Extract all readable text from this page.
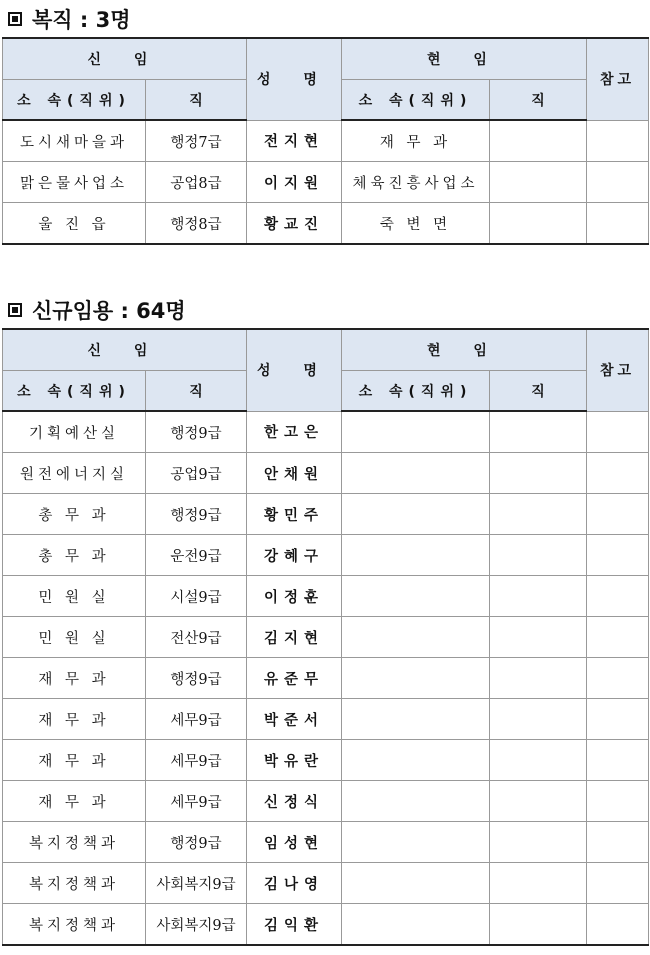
복직 : 3명
신 임		성 명	현 임		참고
소 속(직위)	직		소 속(직위)	직	
도시새마을과	행정7급	전지현	재 무 과		
맑은물사업소	공업8급	이지원	체육진흥사업소		
울 진 읍	행정8급	황교진	죽 변 면		
신규임용 : 64명
신 임		성 명	현 임		참고
소 속(직위)	직		소 속(직위)	직	
기획예산실	행정9급	한고은			
원전에너지실	공업9급	안채원			
총 무 과	행정9급	황민주			
총 무 과	운전9급	강혜구			
민 원 실	시설9급	이정훈			
민 원 실	전산9급	김지현			
재 무 과	행정9급	유준무			
재 무 과	세무9급	박준서			
재 무 과	세무9급	박유란			
재 무 과	세무9급	신정식			
복지정책과	행정9급	임성현			
복지정책과	사회복지9급	김나영			
복지정책과	사회복지9급	김익환			
